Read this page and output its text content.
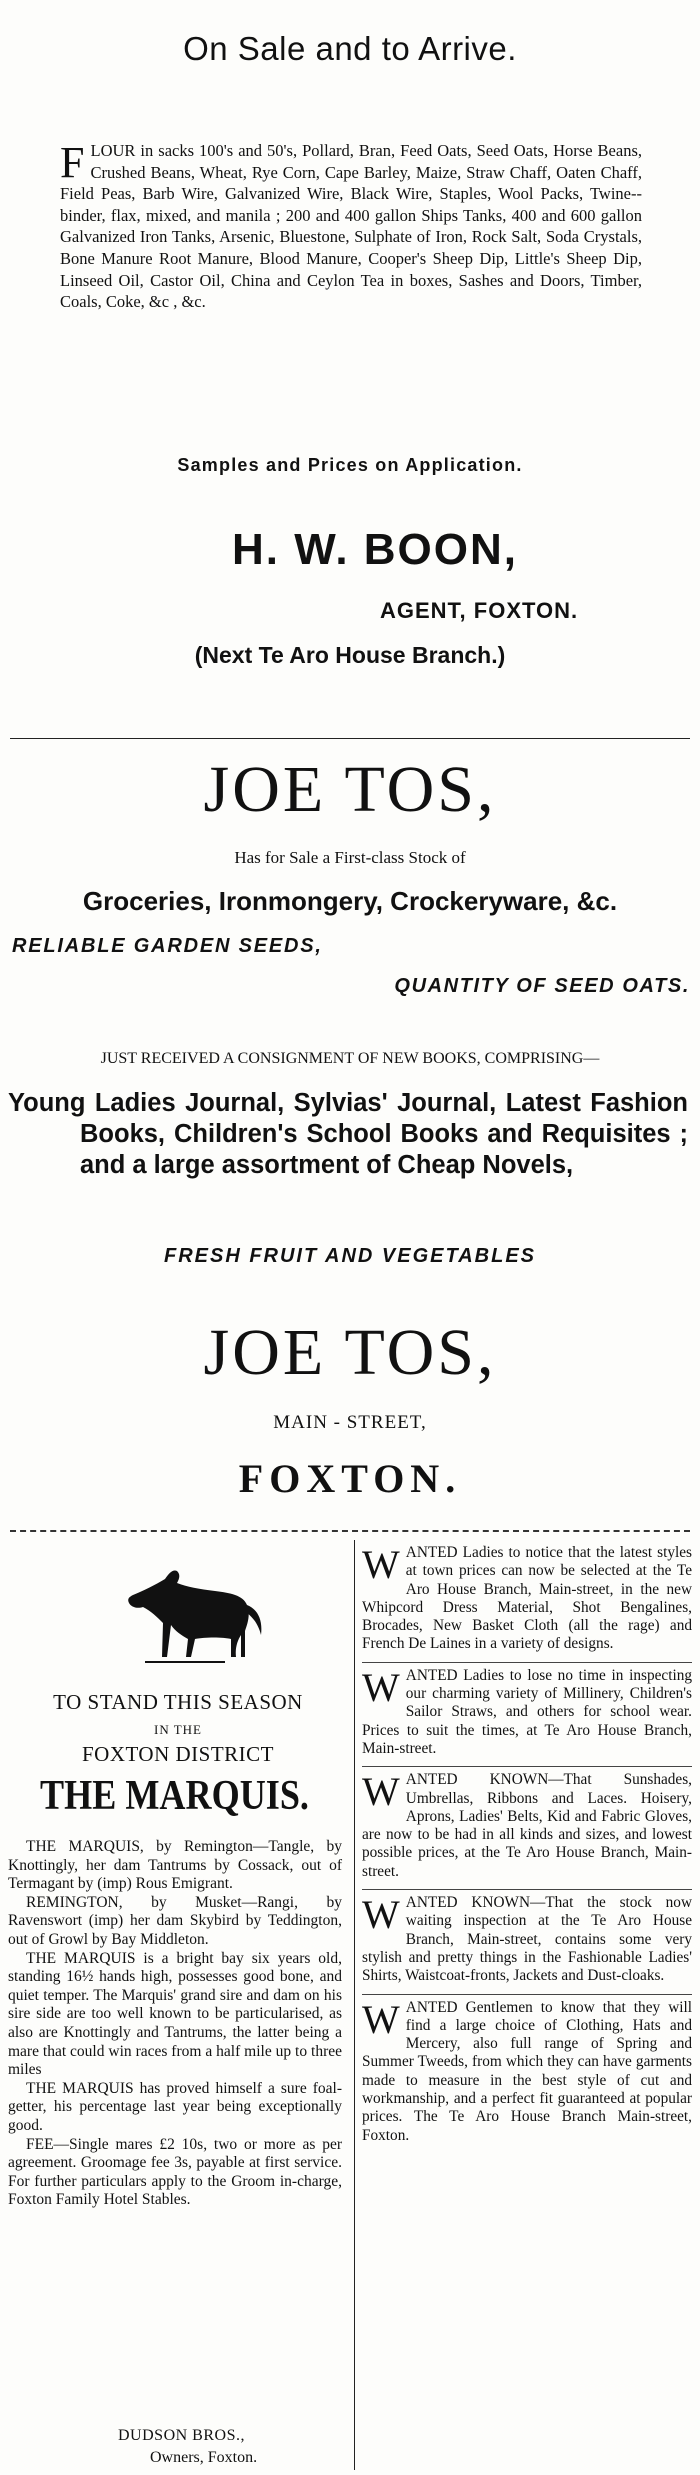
On Sale and to Arrive.
FLOUR in sacks 100's and 50's, Pollard, Bran, Feed Oats, Seed Oats, Horse Beans, Crushed Beans, Wheat, Rye Corn, Cape Barley, Maize, Straw Chaff, Oaten Chaff, Field Peas, Barb Wire, Galvanized Wire, Black Wire, Staples, Wool Packs, Twine--binder, flax, mixed, and manila ; 200 and 400 gallon Ships Tanks, 400 and 600 gallon Galvanized Iron Tanks, Arsenic, Bluestone, Sulphate of Iron, Rock Salt, Soda Crystals, Bone Manure Root Manure, Blood Manure, Cooper's Sheep Dip, Little's Sheep Dip, Linseed Oil, Castor Oil, China and Ceylon Tea in boxes, Sashes and Doors, Timber, Coals, Coke, &c , &c.
Samples and Prices on Application.
H. W. BOON,
AGENT, FOXTON.
(Next Te Aro House Branch.)
JOE TOS,
Has for Sale a First-class Stock of
Groceries, Ironmongery, Crockeryware, &c.
RELIABLE GARDEN SEEDS,
QUANTITY OF SEED OATS.
JUST RECEIVED A CONSIGNMENT OF NEW BOOKS, COMPRISING—
Young Ladies Journal, Sylvias' Journal, Latest Fashion Books, Children's School Books and Requisites ; and a large assortment of Cheap Novels,
FRESH FRUIT AND VEGETABLES
JOE TOS,
MAIN - STREET,
FOXTON.
TO STAND THIS SEASON
IN THE
FOXTON DISTRICT
THE MARQUIS.
THE MARQUIS, by Remington—Tangle, by Knottingly, her dam Tantrums by Cossack, out of Termagant by (imp) Rous Emigrant.
REMINGTON, by Musket—Rangi, by Ravenswort (imp) her dam Skybird by Teddington, out of Growl by Bay Middleton.
THE MARQUIS is a bright bay six years old, standing 16½ hands high, possesses good bone, and quiet temper. The Marquis' grand sire and dam on his sire side are too well known to be particularised, as also are Knottingly and Tantrums, the latter being a mare that could win races from a half mile up to three miles
THE MARQUIS has proved himself a sure foal-getter, his percentage last year being exceptionally good.
FEE—Single mares £2 10s, two or more as per agreement. Groomage fee 3s, payable at first service. For further particulars apply to the Groom in-charge, Foxton Family Hotel Stables.
DUDSON BROS.,
Owners, Foxton.
WANTED Ladies to notice that the latest styles at town prices can now be selected at the Te Aro House Branch, Main-street, in the new Whipcord Dress Material, Shot Bengalines, Brocades, New Basket Cloth (all the rage) and French De Laines in a variety of designs.
WANTED Ladies to lose no time in inspecting our charming variety of Millinery, Children's Sailor Straws, and others for school wear. Prices to suit the times, at Te Aro House Branch, Main-street.
WANTED KNOWN—That Sunshades, Umbrellas, Ribbons and Laces. Hoisery, Aprons, Ladies' Belts, Kid and Fabric Gloves, are now to be had in all kinds and sizes, and lowest possible prices, at the Te Aro House Branch, Main-street.
WANTED KNOWN—That the stock now waiting inspection at the Te Aro House Branch, Main-street, contains some very stylish and pretty things in the Fashionable Ladies' Shirts, Waistcoat-fronts, Jackets and Dust-cloaks.
WANTED Gentlemen to know that they will find a large choice of Clothing, Hats and Mercery, also full range of Spring and Summer Tweeds, from which they can have garments made to measure in the best style of cut and workmanship, and a perfect fit guaranteed at popular prices. The Te Aro House Branch Main-street, Foxton.
